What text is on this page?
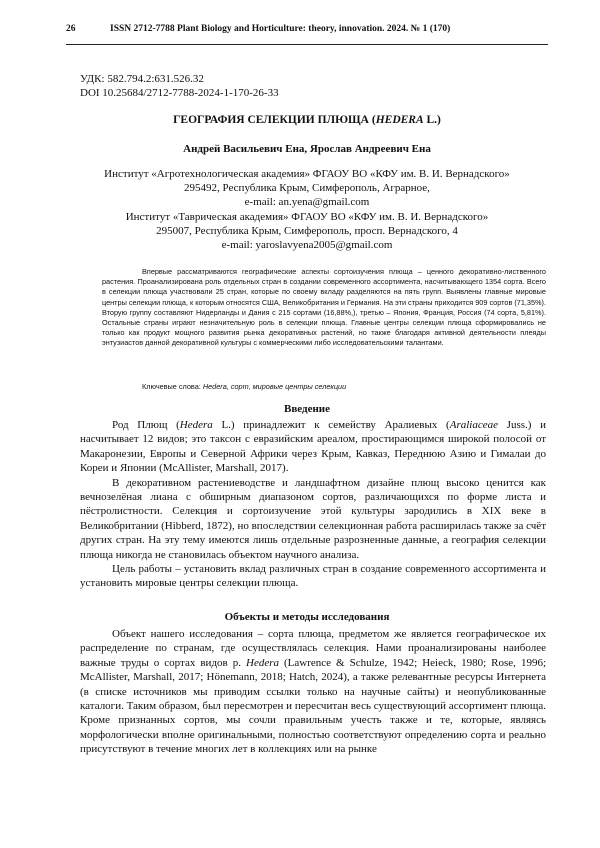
26	ISSN 2712-7788 Plant Biology and Horticulture: theory, innovation. 2024. № 1 (170)
УДК: 582.794.2:631.526.32
DOI 10.25684/2712-7788-2024-1-170-26-33
ГЕОГРАФИЯ СЕЛЕКЦИИ ПЛЮЩА (HEDERA L.)
Андрей Васильевич Ена, Ярослав Андреевич Ена
Институт «Агротехнологическая академия» ФГАОУ ВО «КФУ им. В. И. Вернадского»
295492, Республика Крым, Симферополь, Аграрное,
e-mail: an.yena@gmail.com
Институт «Таврическая академия» ФГАОУ ВО «КФУ им. В. И. Вернадского»
295007, Республика Крым, Симферополь, просп. Вернадского, 4
e-mail: yaroslavyena2005@gmail.com

Впервые рассматриваются географические аспекты сортоизучения плюща – ценного декоративно-лиственного растения. Проанализирована роль отдельных стран в создании современного ассортимента, насчитывающего 1354 сорта. Всего в селекции плюща участвовали 25 стран, которые по своему вкладу разделяются на пять групп. Выявлены главные мировые центры селекции плюща, к которым относятся США, Великобритания и Германия. На эти страны приходится 909 сортов (71,35%). Вторую группу составляют Нидерланды и Дания с 215 сортами (16,88%,), третью – Япония, Франция, Россия (74 сорта, 5,81%). Остальные страны играют незначительную роль в селекции плюща. Главные центры селекции плюща сформировались не только как продукт мощного развития рынка декоративных растений, но также благодаря активной деятельности плеяды энтузиастов данной декоративной культуры с коммерческими либо исследовательскими талантами.

Ключевые слова: Hedera, сорт, мировые центры селекции
Введение

Род Плющ (Hedera L.) принадлежит к семейству Аралиевых (Araliaceae Juss.) и насчитывает 12 видов; это таксон с евразийским ареалом, простирающимся широкой полосой от Макаронезии, Европы и Северной Африки через Крым, Кавказ, Переднюю Азию и Гималаи до Кореи и Японии (McAllister, Marshall, 2017).

В декоративном растениеводстве и ландшафтном дизайне плющ высоко ценится как вечнозелёная лиана с обширным диапазоном сортов, различающихся по форме листа и пёстролистности. Селекция и сортоизучение этой культуры зародились в XIX веке в Великобритании (Hibberd, 1872), но впоследствии селекционная работа расширилась также за счёт других стран. На эту тему имеются лишь отдельные разрозненные данные, а география селекции плюща никогда не становилась объектом научного анализа.

Цель работы – установить вклад различных стран в создание современного ассортимента и установить мировые центры селекции плюща.

Объекты и методы исследования

Объект нашего исследования – сорта плюща, предметом же является географическое их распределение по странам, где осуществлялась селекция. Нами проанализированы наиболее важные труды о сортах видов р. Hedera (Lawrence & Schulze, 1942; Heieck, 1980; Rose, 1996; McAllister, Marshall, 2017; Hönemann, 2018; Hatch, 2024), а также релевантные ресурсы Интернета (в списке источников мы приводим ссылки только на научные сайты) и неопубликованные каталоги. Таким образом, был пересмотрен и пересчитан весь существующий ассортимент плюща. Кроме признанных сортов, мы сочли правильным учесть также и те, которые, являясь морфологически вполне оригинальными, полностью соответствуют определению сорта и реально присутствуют в течение многих лет в коллекциях или на рынке
